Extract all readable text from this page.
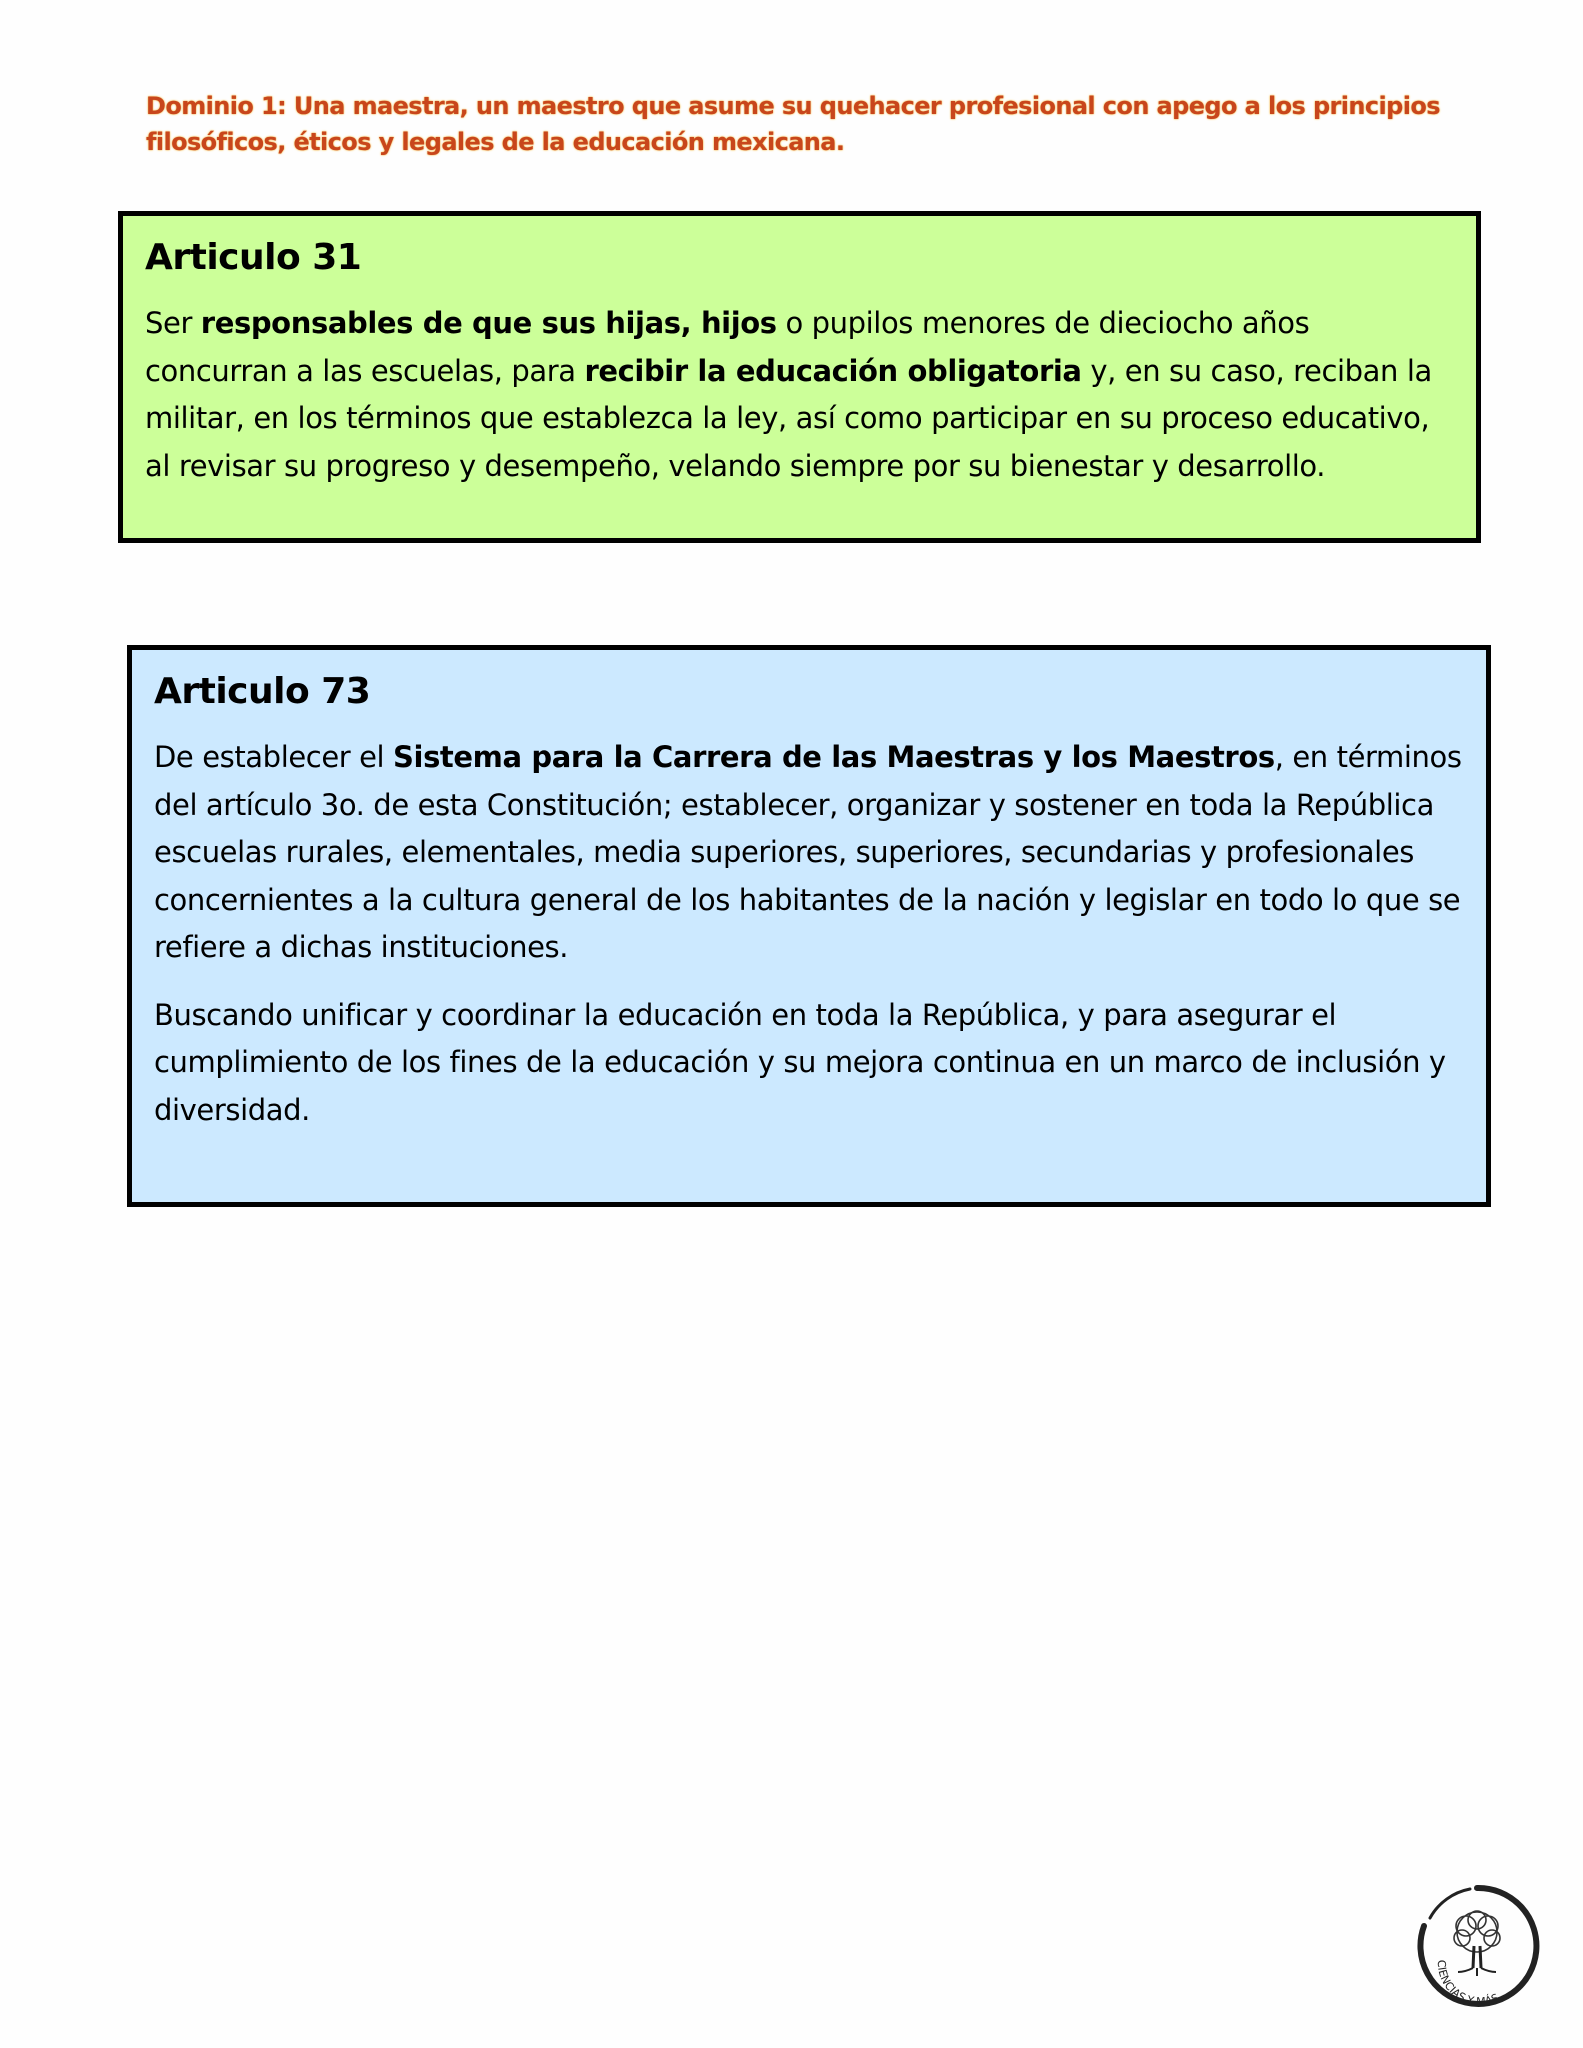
Dominio 1: Una maestra, un maestro que asume su quehacer profesional con apego a los principios filosóficos, éticos y legales de la educación mexicana.
Articulo 31

Ser responsables de que sus hijas, hijos o pupilos menores de dieciocho años concurran a las escuelas, para recibir la educación obligatoria y, en su caso, reciban la militar, en los términos que establezca la ley, así como participar en su proceso educativo, al revisar su progreso y desempeño, velando siempre por su bienestar y desarrollo.

Articulo 73

De establecer el Sistema para la Carrera de las Maestras y los Maestros, en términos del artículo 3o. de esta Constitución; establecer, organizar y sostener en toda la República escuelas rurales, elementales, media superiores, superiores, secundarias y profesionales concernientes a la cultura general de los habitantes de la nación y legislar en todo lo que se refiere a dichas instituciones.

Buscando unificar y coordinar la educación en toda la República, y para asegurar el cumplimiento de los fines de la educación y su mejora continua en un marco de inclusión y diversidad.

CIENCIAS Y MÁS
